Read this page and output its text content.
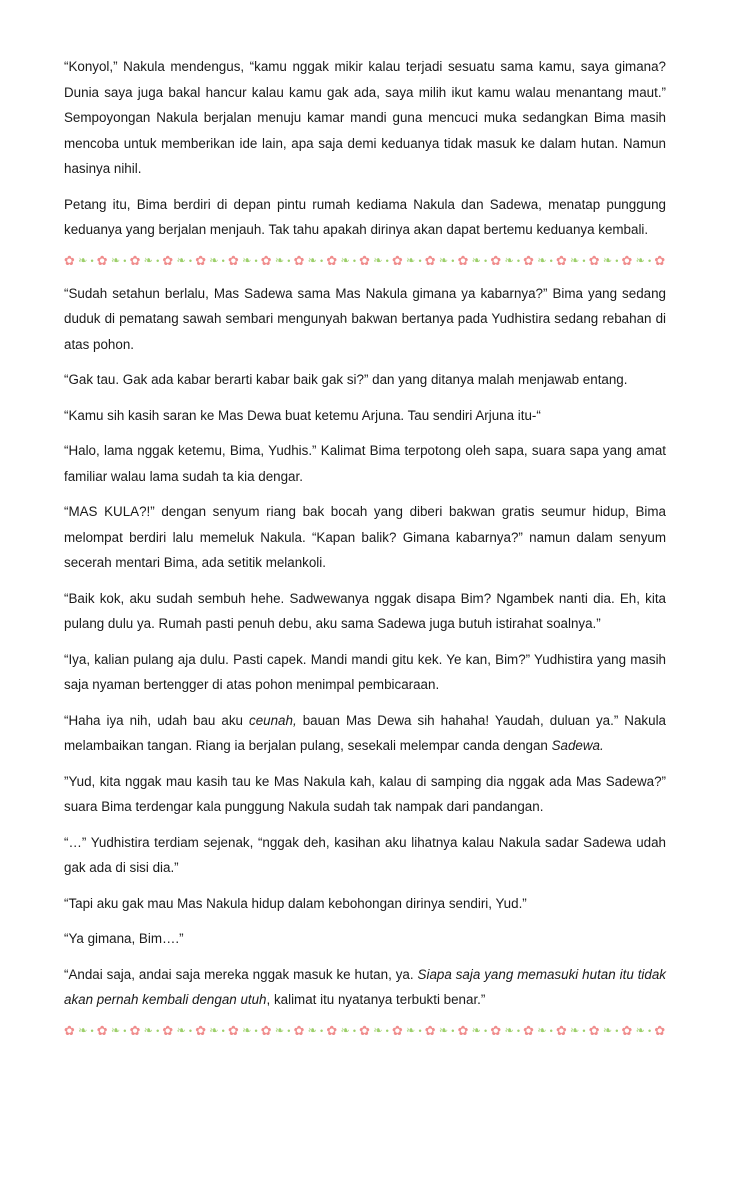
“Konyol,” Nakula mendengus, “kamu nggak mikir kalau terjadi sesuatu sama kamu, saya gimana? Dunia saya juga bakal hancur kalau kamu gak ada, saya milih ikut kamu walau menantang maut.” Sempoyongan Nakula berjalan menuju kamar mandi guna mencuci muka sedangkan Bima masih mencoba untuk memberikan ide lain, apa saja demi keduanya tidak masuk ke dalam hutan. Namun hasinya nihil.

Petang itu, Bima berdiri di depan pintu rumah kediama Nakula dan Sadewa, menatap punggung keduanya yang berjalan menjauh. Tak tahu apakah dirinya akan dapat bertemu keduanya kembali.

✿ ❧ • ✿ ❧ • ✿ ❧ • ✿ ❧ • ✿ ❧ • ✿ ❧ • ✿ ❧ • ✿ ❧ • ✿ ❧ • ✿ ❧ • ✿ ❧ • ✿ ❧ • ✿ ❧ • ✿ ❧ • ✿ ❧ • ✿ ❧ • ✿ ❧ • ✿ ❧ • ✿

“Sudah setahun berlalu, Mas Sadewa sama Mas Nakula gimana ya kabarnya?” Bima yang sedang duduk di pematang sawah sembari mengunyah bakwan bertanya pada Yudhistira sedang rebahan di atas pohon.

“Gak tau. Gak ada kabar berarti kabar baik gak si?” dan yang ditanya malah menjawab entang.

“Kamu sih kasih saran ke Mas Dewa buat ketemu Arjuna. Tau sendiri Arjuna itu-“

“Halo, lama nggak ketemu, Bima, Yudhis.” Kalimat Bima terpotong oleh sapa, suara sapa yang amat familiar walau lama sudah ta kia dengar.

“MAS KULA?!” dengan senyum riang bak bocah yang diberi bakwan gratis seumur hidup, Bima melompat berdiri lalu memeluk Nakula. “Kapan balik? Gimana kabarnya?” namun dalam senyum secerah mentari Bima, ada setitik melankoli.

“Baik kok, aku sudah sembuh hehe. Sadwewanya nggak disapa Bim? Ngambek nanti dia. Eh, kita pulang dulu ya. Rumah pasti penuh debu, aku sama Sadewa juga butuh istirahat soalnya.”

“Iya, kalian pulang aja dulu. Pasti capek. Mandi mandi gitu kek. Ye kan, Bim?” Yudhistira yang masih saja nyaman bertengger di atas pohon menimpal pembicaraan.

“Haha iya nih, udah bau aku ceunah, bauan Mas Dewa sih hahaha! Yaudah, duluan ya.” Nakula melambaikan tangan. Riang ia berjalan pulang, sesekali melempar canda dengan Sadewa.

”Yud, kita nggak mau kasih tau ke Mas Nakula kah, kalau di samping dia nggak ada Mas Sadewa?” suara Bima terdengar kala punggung Nakula sudah tak nampak dari pandangan.

“…” Yudhistira terdiam sejenak, “nggak deh, kasihan aku lihatnya kalau Nakula sadar Sadewa udah gak ada di sisi dia.”

“Tapi aku gak mau Mas Nakula hidup dalam kebohongan dirinya sendiri, Yud.”

“Ya gimana, Bim….”

“Andai saja, andai saja mereka nggak masuk ke hutan, ya. Siapa saja yang memasuki hutan itu tidak akan pernah kembali dengan utuh, kalimat itu nyatanya terbukti benar.”

✿ ❧ • ✿ ❧ • ✿ ❧ • ✿ ❧ • ✿ ❧ • ✿ ❧ • ✿ ❧ • ✿ ❧ • ✿ ❧ • ✿ ❧ • ✿ ❧ • ✿ ❧ • ✿ ❧ • ✿ ❧ • ✿ ❧ • ✿ ❧ • ✿ ❧ • ✿ ❧ • ✿
